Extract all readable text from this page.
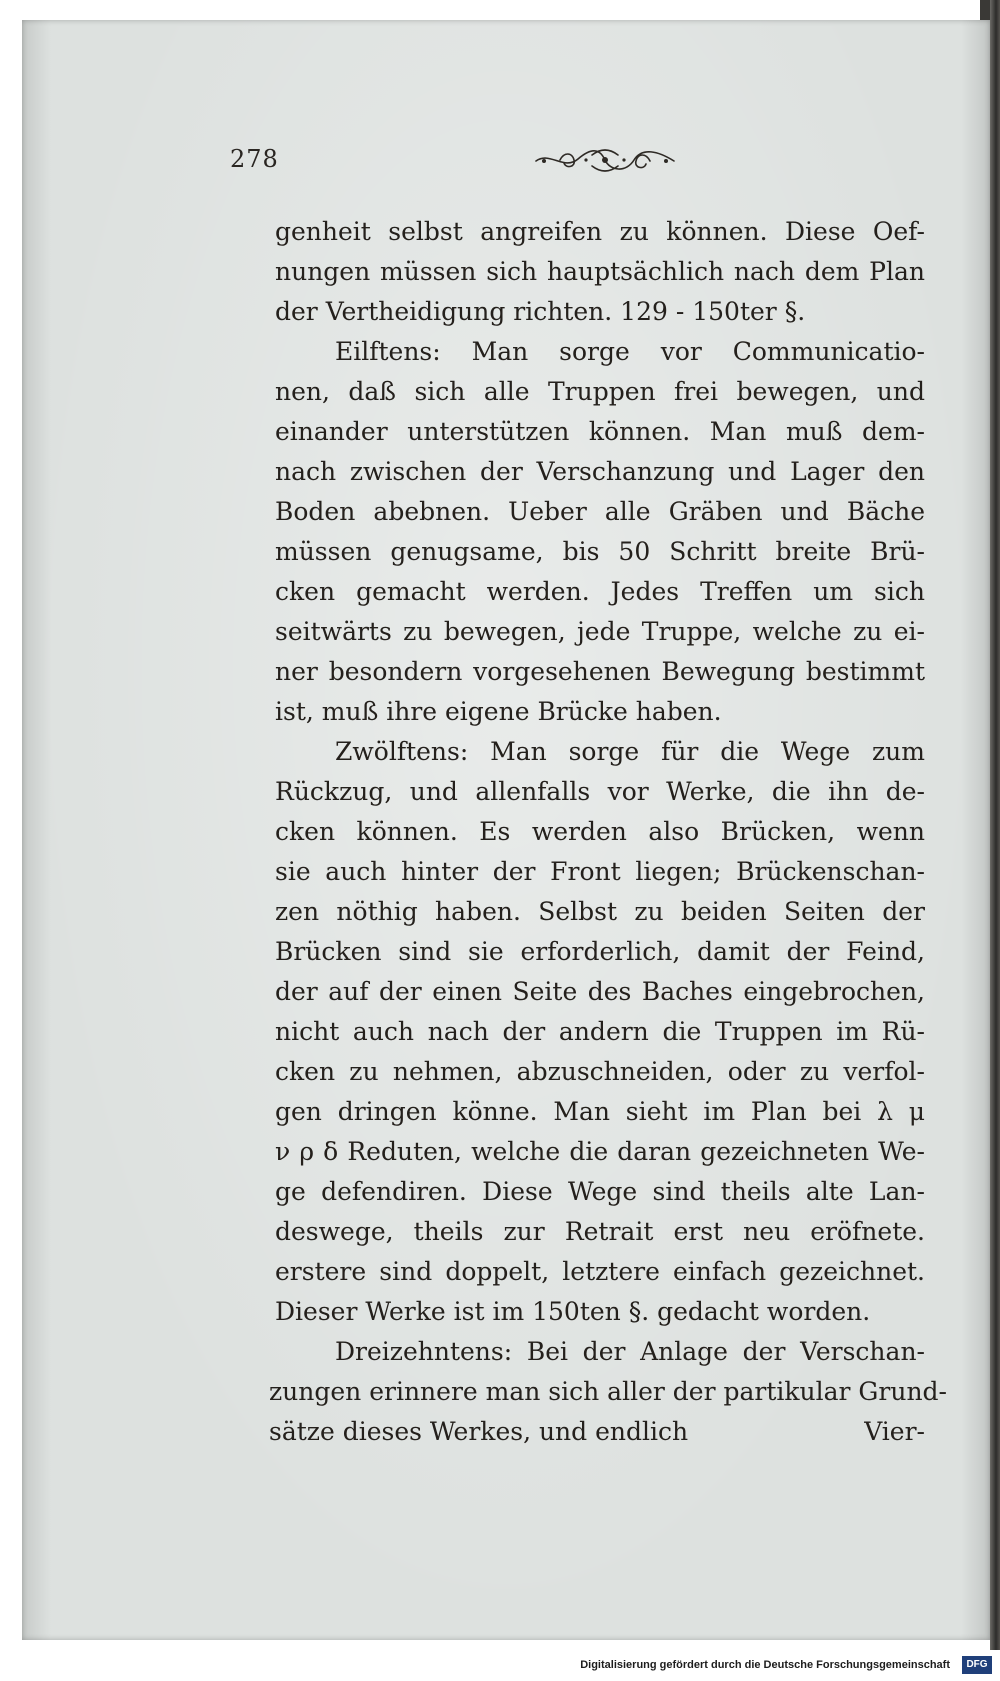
278
genheit selbst angreifen zu können. Diese Oef-
nungen müssen sich hauptsächlich nach dem Plan
der Vertheidigung richten. 129 - 150ter §.
Eilftens: Man sorge vor Communicatio-
nen, daß sich alle Truppen frei bewegen, und
einander unterstützen können. Man muß dem-
nach zwischen der Verschanzung und Lager den
Boden abebnen. Ueber alle Gräben und Bäche
müssen genugsame, bis 50 Schritt breite Brü-
cken gemacht werden. Jedes Treffen um sich
seitwärts zu bewegen, jede Truppe, welche zu ei-
ner besondern vorgesehenen Bewegung bestimmt
ist, muß ihre eigene Brücke haben.
Zwölftens: Man sorge für die Wege zum
Rückzug, und allenfalls vor Werke, die ihn de-
cken können. Es werden also Brücken, wenn
sie auch hinter der Front liegen; Brückenschan-
zen nöthig haben. Selbst zu beiden Seiten der
Brücken sind sie erforderlich, damit der Feind,
der auf der einen Seite des Baches eingebrochen,
nicht auch nach der andern die Truppen im Rü-
cken zu nehmen, abzuschneiden, oder zu verfol-
gen dringen könne. Man sieht im Plan bei λ μ
ν ρ δ Reduten, welche die daran gezeichneten We-
ge defendiren. Diese Wege sind theils alte Lan-
deswege, theils zur Retrait erst neu eröfnete.
erstere sind doppelt, letztere einfach gezeichnet.
Dieser Werke ist im 150ten §. gedacht worden.
Dreizehntens: Bei der Anlage der Verschan-
zungen erinnere man sich aller der partikular Grund-
sätze dieses Werkes, und endlich	Vier-
Digitalisierung gefördert durch die Deutsche Forschungsgemeinschaft	DFG
